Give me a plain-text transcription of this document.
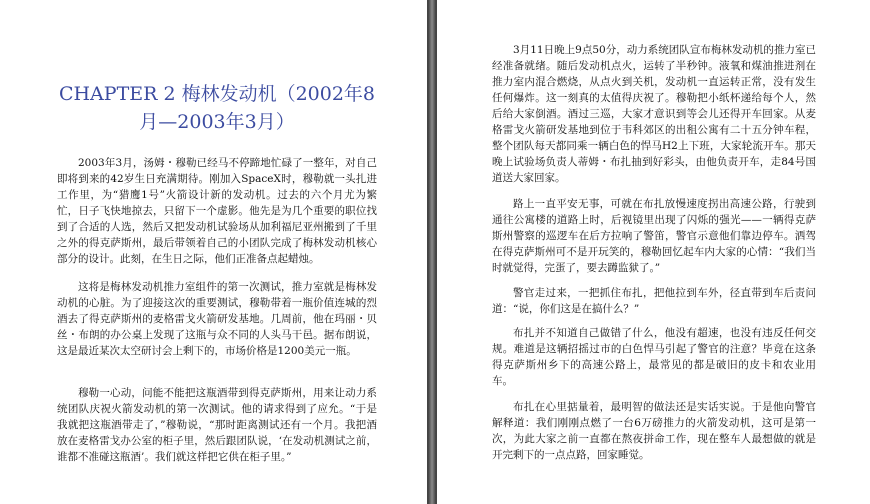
CHAPTER 2 梅林发动机（2002年8月—2003年3月）

2003年3月，汤姆・穆勒已经马不停蹄地忙碌了一整年，对自己即将到来的42岁生日充满期待。刚加入SpaceX时，穆勒就一头扎进工作里，为“猎鹰1号”火箭设计新的发动机。过去的六个月尤为繁忙，日子飞快地掠去，只留下一个虚影。他先是为几个重要的职位找到了合适的人选，然后又把发动机试验场从加利福尼亚州搬到了千里之外的得克萨斯州，最后带领着自己的小团队完成了梅林发动机核心部分的设计。此刻，在生日之际，他们正准备点起蜡烛。

这将是梅林发动机推力室组件的第一次测试，推力室就是梅林发动机的心脏。为了迎接这次的重要测试，穆勒带着一瓶价值连城的烈酒去了得克萨斯州的麦格雷戈火箭研发基地。几周前，他在玛丽・贝丝・布朗的办公桌上发现了这瓶与众不同的人头马干邑。据布朗说，这是最近某次太空研讨会上剩下的，市场价格是1200美元一瓶。

穆勒一心动，问能不能把这瓶酒带到得克萨斯州，用来让动力系统团队庆祝火箭发动机的第一次测试。他的请求得到了应允。“于是我就把这瓶酒带走了，”穆勒说，“那时距离测试还有一个月。我把酒放在麦格雷戈办公室的柜子里，然后跟团队说，‘在发动机测试之前，谁都不准碰这瓶酒’。我们就这样把它供在柜子里。”

3月11日晚上9点50分，动力系统团队宣布梅林发动机的推力室已经准备就绪。随后发动机点火，运转了半秒钟。液氧和煤油推进剂在推力室内混合燃烧，从点火到关机，发动机一直运转正常，没有发生任何爆炸。这一刻真的太值得庆祝了。穆勒把小纸杯递给每个人，然后给大家倒酒。酒过三巡，大家才意识到等会儿还得开车回家。从麦格雷戈火箭研发基地到位于韦科郊区的出租公寓有二十五分钟车程，整个团队每天都同乘一辆白色的悍马H2上下班，大家轮流开车。那天晚上试验场负责人蒂姆・布扎抽到好彩头，由他负责开车，走84号国道送大家回家。

路上一直平安无事，可就在布扎放慢速度拐出高速公路，行驶到通往公寓楼的道路上时，后视镜里出现了闪烁的强光——一辆得克萨斯州警察的巡逻车在后方拉响了警笛，警官示意他们靠边停车。洒驾在得克萨斯州可不是开玩笑的，穆勒回忆起车内大家的心情：“我们当时就觉得，完蛋了，要去蹲监狱了。”

警官走过来，一把抓住布扎，把他拉到车外，径直带到车后责问道：“说，你们这是在搞什么？”

布扎并不知道自己做错了什么，他没有超速，也没有违反任何交规。难道是这辆招摇过市的白色悍马引起了警官的注意？毕竟在这条得克萨斯州乡下的高速公路上，最常见的都是破旧的皮卡和农业用车。

布扎在心里掂量着，最明智的做法还是实话实说。于是他向警官解释道：我们刚刚点燃了一台6万磅推力的火箭发动机，这可是第一次，为此大家之前一直都在熬夜拼命工作，现在整车人最想做的就是开完剩下的一点点路，回家睡觉。
